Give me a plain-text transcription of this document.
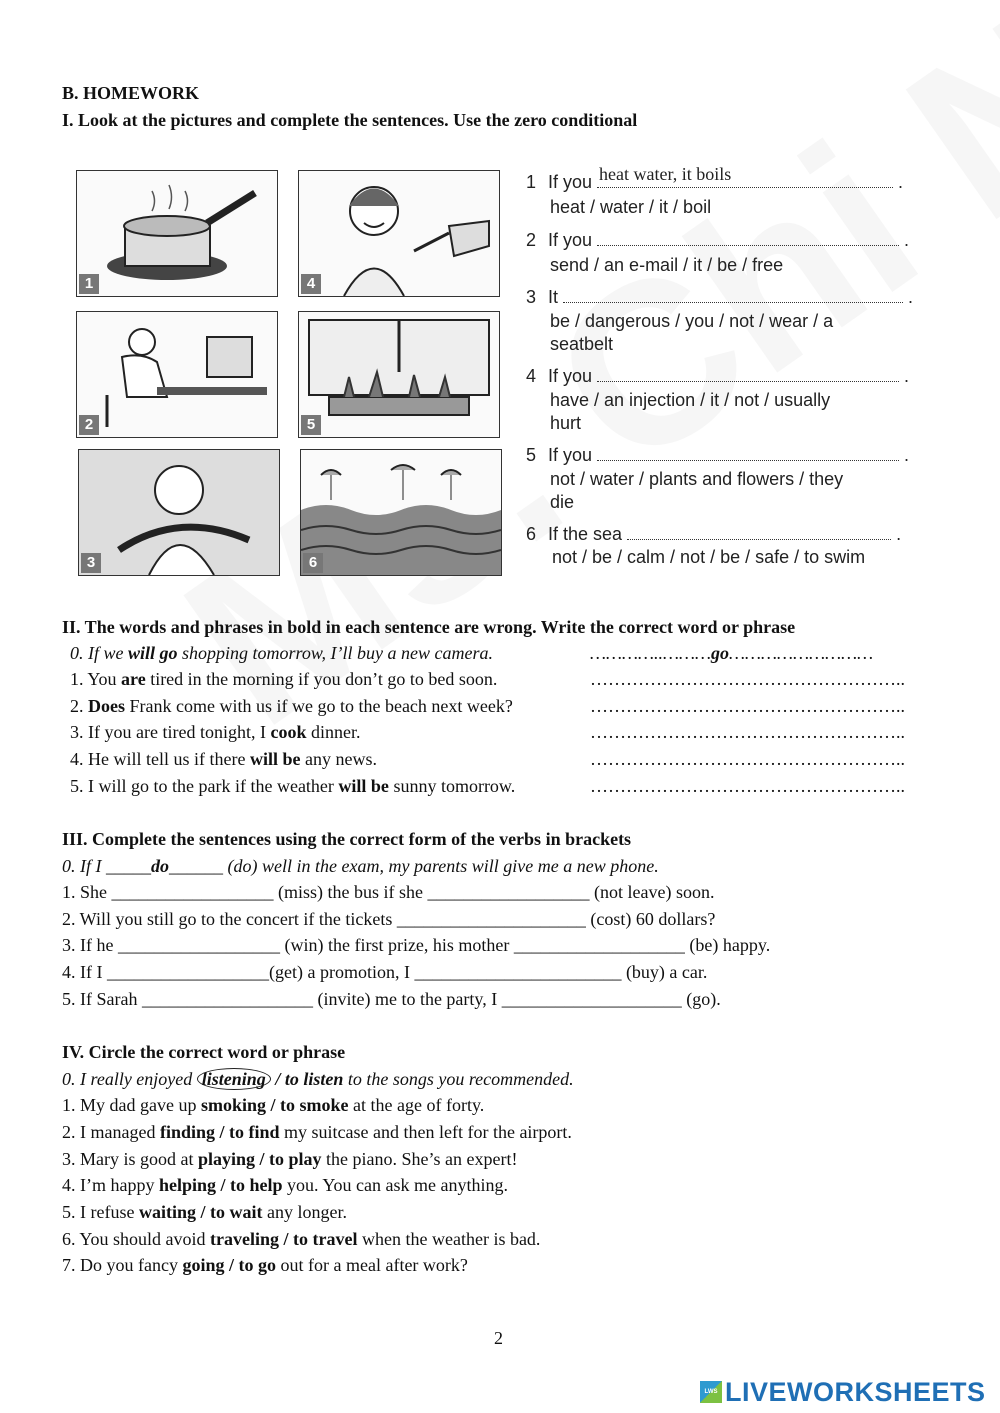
B. HOMEWORK
I. Look at the pictures and complete the sentences. Use the zero conditional
1	4
2	5
3	6
1 If you heat water, it boils	.
heat / water / it / boil
2 If you	.
send / an e-mail / it / be / free
3 It	.
be / dangerous / you / not / wear / a
seatbelt
4 If you	.
have / an injection / it / not / usually
hurt
5 If you	.
not / water / plants and flowers / they
die
6 If the sea	.
not / be / calm / not / be / safe / to swim
II. The words and phrases in bold in each sentence are wrong. Write the correct word or phrase
0. If we will go shopping tomorrow, I’ll buy a new camera.	…………..………go………………………
1. You are tired in the morning if you don’t go to bed soon.	……………………………………………..
2. Does Frank come with us if we go to the beach next week?	……………………………………………..
3. If you are tired tonight, I cook dinner.	……………………………………………..
4. He will tell us if there will be any news.	……………………………………………..
5. I will go to the park if the weather will be sunny tomorrow.	……………………………………………..
III. Complete the sentences using the correct form of the verbs in brackets
0. If I _____do______ (do) well in the exam, my parents will give me a new phone.
1. She __________________ (miss) the bus if she __________________ (not leave) soon.
2. Will you still go to the concert if the tickets _____________________ (cost) 60 dollars?
3. If he __________________ (win) the first prize, his mother ___________________ (be) happy.
4. If I __________________(get) a promotion, I _______________________ (buy) a car.
5. If Sarah ___________________ (invite) me to the party, I ____________________ (go).
IV. Circle the correct word or phrase
0. I really enjoyed listening / to listen to the songs you recommended.
1. My dad gave up smoking / to smoke at the age of forty.
2. I managed finding / to find my suitcase and then left for the airport.
3. Mary is good at playing / to play the piano. She’s an expert!
4. I’m happy helping / to help you. You can ask me anything.
5. I refuse waiting / to wait any longer.
6. You should avoid traveling / to travel when the weather is bad.
7. Do you fancy going / to go out for a meal after work?
2
LWS LIVEWORKSHEETS
